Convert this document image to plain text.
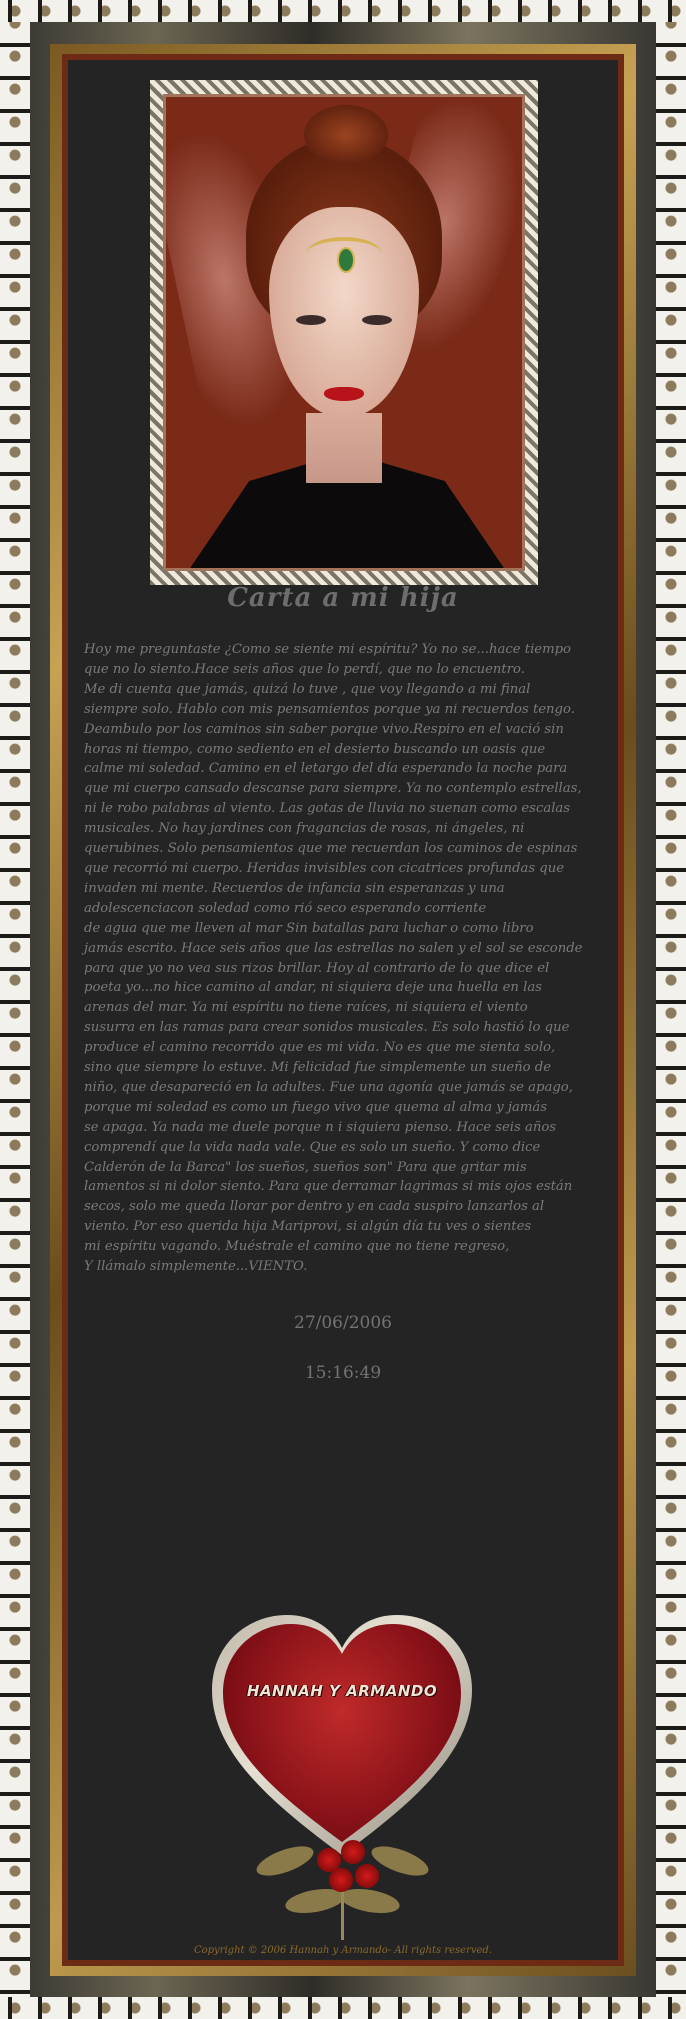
Carta a mi hija
Hoy me preguntaste ¿Como se siente mi espíritu? Yo no se...hace tiempo
que no lo siento.Hace seis años que lo perdí, que no lo encuentro.
Me di cuenta que jamás, quizá lo tuve , que voy llegando a mi final
siempre solo. Hablo con mis pensamientos porque ya ni recuerdos tengo.
Deambulo por los caminos sin saber porque vivo.Respiro en el vació sin
horas ni tiempo, como sediento en el desierto buscando un oasis que
calme mi soledad. Camino en el letargo del día esperando la noche para
que mi cuerpo cansado descanse para siempre. Ya no contemplo estrellas,
ni le robo palabras al viento. Las gotas de lluvia no suenan como escalas
musicales. No hay jardines con fragancias de rosas, ni ángeles, ni
querubines. Solo pensamientos que me recuerdan los caminos de espinas
que recorrió mi cuerpo. Heridas invisibles con cicatrices profundas que
invaden mi mente. Recuerdos de infancia sin esperanzas y una
adolescenciacon soledad como rió seco esperando corriente
de agua que me lleven al mar Sin batallas para luchar o como libro
jamás escrito. Hace seis años que las estrellas no salen y el sol se esconde
para que yo no vea sus rizos brillar. Hoy al contrario de lo que dice el
poeta yo...no hice camino al andar, ni siquiera deje una huella en las
arenas del mar. Ya mi espíritu no tiene raíces, ni siquiera el viento
susurra en las ramas para crear sonidos musicales. Es solo hastió lo que
produce el camino recorrido que es mi vida. No es que me sienta solo,
sino que siempre lo estuve. Mi felicidad fue simplemente un sueño de
niño, que desapareció en la adultes. Fue una agonía que jamás se apago,
porque mi soledad es como un fuego vivo que quema al alma y jamás
se apaga. Ya nada me duele porque n i siquiera pienso. Hace seis años
comprendí que la vida nada vale. Que es solo un sueño. Y como dice
Calderón de la Barca" los sueños, sueños son" Para que gritar mis
lamentos si ni dolor siento. Para que derramar lagrimas si mis ojos están
secos, solo me queda llorar por dentro y en cada suspiro lanzarlos al
viento. Por eso querida hija Mariprovi, si algún día tu ves o sientes
mi espíritu vagando. Muéstrale el camino que no tiene regreso,
Y llámalo simplemente...VIENTO.
27/06/2006
15:16:49
HANNAH Y ARMANDO
Copyright © 2006 Hannah y Armando- All rights reserved.
